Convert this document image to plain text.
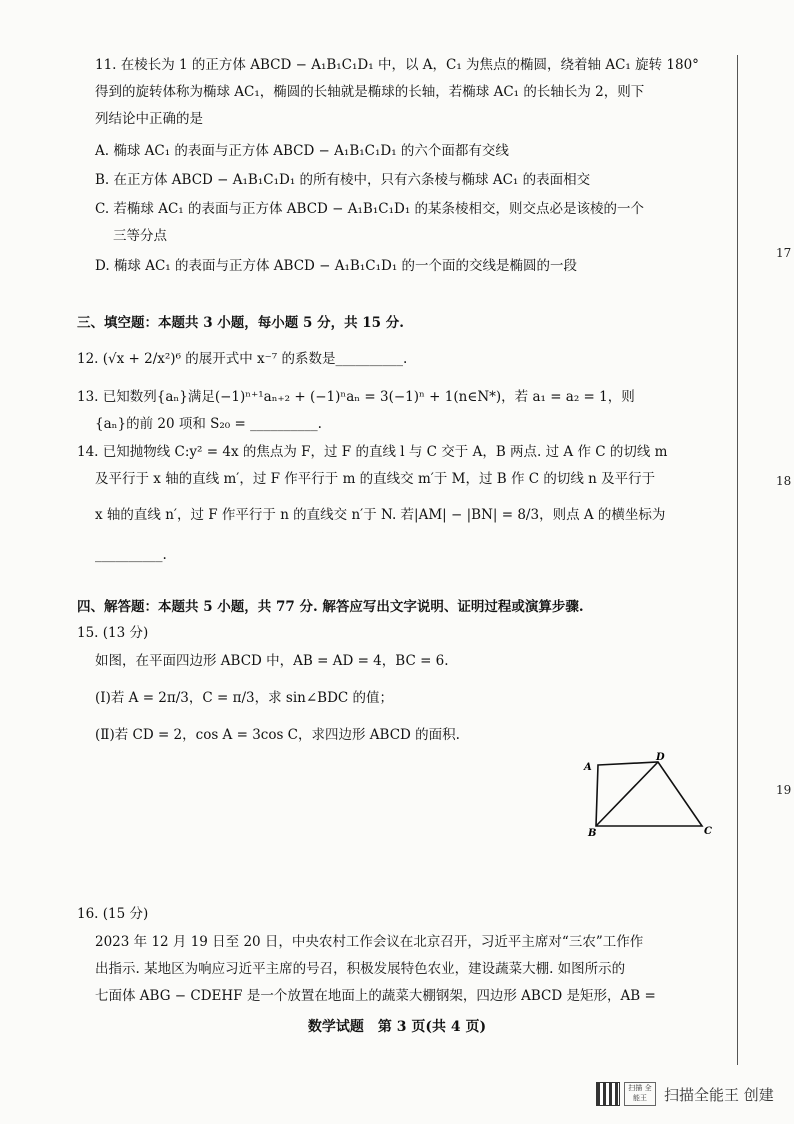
17
18
19
11. 在棱长为 1 的正方体 ABCD − A₁B₁C₁D₁ 中，以 A，C₁ 为焦点的椭圆，绕着轴 AC₁ 旋转 180°
得到的旋转体称为椭球 AC₁，椭圆的长轴就是椭球的长轴，若椭球 AC₁ 的长轴长为 2，则下
列结论中正确的是
A. 椭球 AC₁ 的表面与正方体 ABCD − A₁B₁C₁D₁ 的六个面都有交线
B. 在正方体 ABCD − A₁B₁C₁D₁ 的所有棱中，只有六条棱与椭球 AC₁ 的表面相交
C. 若椭球 AC₁ 的表面与正方体 ABCD − A₁B₁C₁D₁ 的某条棱相交，则交点必是该棱的一个
三等分点
D. 椭球 AC₁ 的表面与正方体 ABCD − A₁B₁C₁D₁ 的一个面的交线是椭圆的一段
三、填空题：本题共 3 小题，每小题 5 分，共 15 分.
12. (√x + 2/x²)⁶ 的展开式中 x⁻⁷ 的系数是__________.
13. 已知数列{aₙ}满足(−1)ⁿ⁺¹aₙ₊₂ + (−1)ⁿaₙ = 3(−1)ⁿ + 1(n∈N*)，若 a₁ = a₂ = 1，则
{aₙ}的前 20 项和 S₂₀ = __________.
14. 已知抛物线 C:y² = 4x 的焦点为 F，过 F 的直线 l 与 C 交于 A，B 两点. 过 A 作 C 的切线 m
及平行于 x 轴的直线 m′，过 F 作平行于 m 的直线交 m′于 M，过 B 作 C 的切线 n 及平行于
x 轴的直线 n′，过 F 作平行于 n 的直线交 n′于 N. 若|AM| − |BN| = 8/3，则点 A 的横坐标为
__________.
四、解答题：本题共 5 小题，共 77 分. 解答应写出文字说明、证明过程或演算步骤.
15. (13 分)
如图，在平面四边形 ABCD 中，AB = AD = 4，BC = 6.
(Ⅰ)若 A = 2π/3，C = π/3，求 sin∠BDC 的值；
(Ⅱ)若 CD = 2，cos A = 3cos C，求四边形 ABCD 的面积.
A
D
B	C
16. (15 分)
2023 年 12 月 19 日至 20 日，中央农村工作会议在北京召开，习近平主席对“三农”工作作
出指示. 某地区为响应习近平主席的号召，积极发展特色农业，建设蔬菜大棚. 如图所示的
七面体 ABG − CDEHF 是一个放置在地面上的蔬菜大棚钢架，四边形 ABCD 是矩形，AB =
数学试题　第 3 页(共 4 页)
扫描 全能王	扫描全能王 创建
